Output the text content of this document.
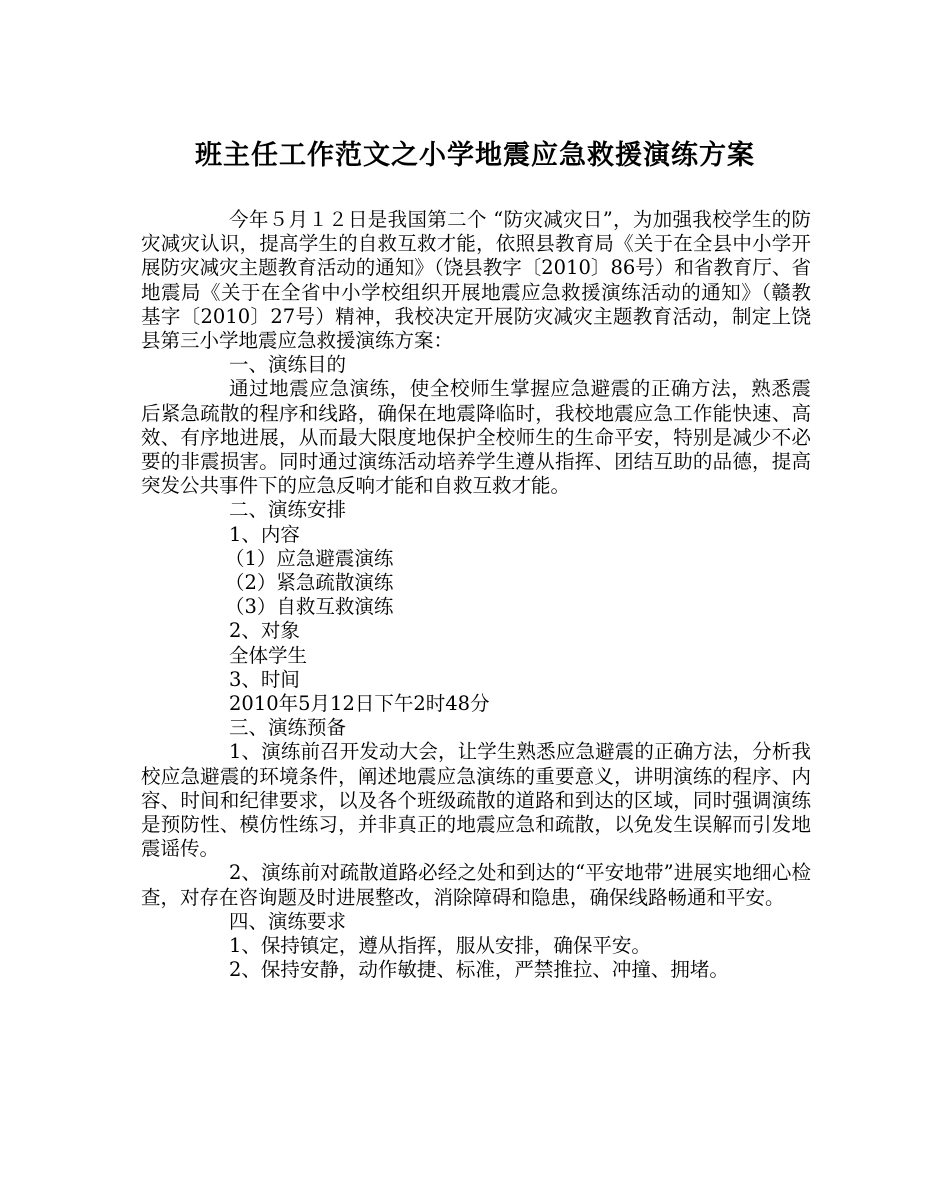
班主任工作范文之小学地震应急救援演练方案

今年５月１２日是我国第二个 “防灾减灾日”，为加强我校学生的防灾减灾认识，提高学生的自救互救才能，依照县教育局《关于在全县中小学开展防灾减灾主题教育活动的通知》（饶县教字〔2010〕86号）和省教育厅、省地震局《关于在全省中小学校组织开展地震应急救援演练活动的通知》（赣教基字〔2010〕27号）精神，我校决定开展防灾减灾主题教育活动，制定上饶县第三小学地震应急救援演练方案：

一、演练目的

通过地震应急演练，使全校师生掌握应急避震的正确方法，熟悉震后紧急疏散的程序和线路，确保在地震降临时，我校地震应急工作能快速、高效、有序地进展，从而最大限度地保护全校师生的生命平安，特别是减少不必要的非震损害。同时通过演练活动培养学生遵从指挥、团结互助的品德，提高突发公共事件下的应急反响才能和自救互救才能。

二、演练安排

1、内容

（1）应急避震演练

（2）紧急疏散演练

（3）自救互救演练

2、对象

全体学生

3、时间

2010年5月12日下午2时48分

三、演练预备

1、演练前召开发动大会，让学生熟悉应急避震的正确方法，分析我校应急避震的环境条件，阐述地震应急演练的重要意义，讲明演练的程序、内容、时间和纪律要求，以及各个班级疏散的道路和到达的区域，同时强调演练是预防性、模仿性练习，并非真正的地震应急和疏散，以免发生误解而引发地震谣传。

2、演练前对疏散道路必经之处和到达的“平安地带”进展实地细心检查，对存在咨询题及时进展整改，消除障碍和隐患，确保线路畅通和平安。

四、演练要求

1、保持镇定，遵从指挥，服从安排，确保平安。

2、保持安静，动作敏捷、标准，严禁推拉、冲撞、拥堵。
